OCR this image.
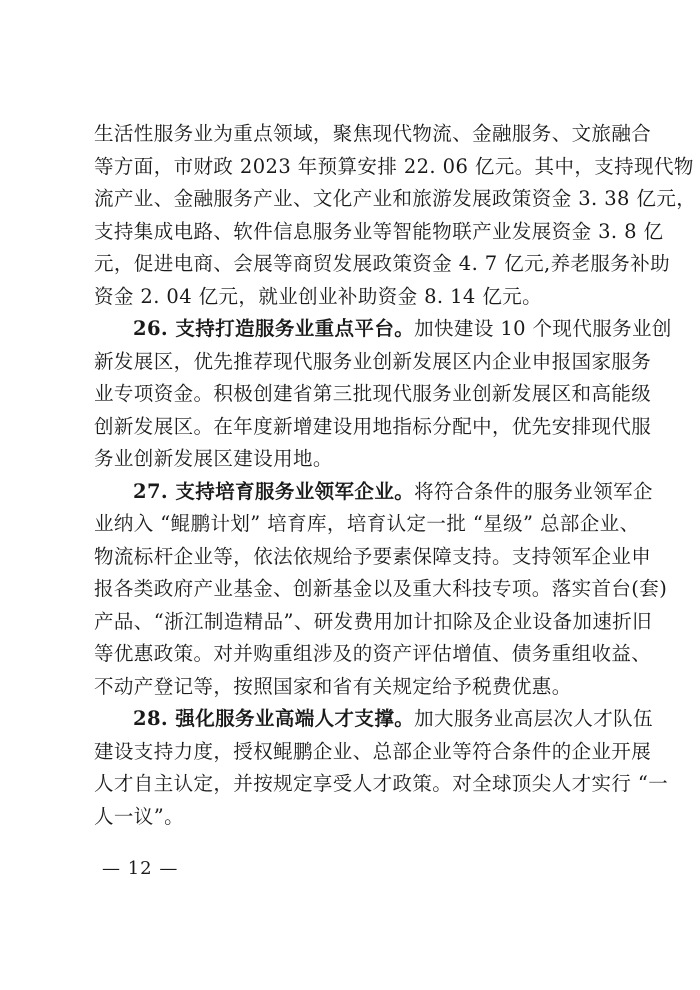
生活性服务业为重点领域，聚焦现代物流、金融服务、文旅融合
等方面，市财政 2023 年预算安排 22. 06 亿元。其中，支持现代物
流产业、金融服务产业、文化产业和旅游发展政策资金 3. 38 亿元，
支持集成电路、软件信息服务业等智能物联产业发展资金 3. 8 亿
元，促进电商、会展等商贸发展政策资金 4. 7 亿元,养老服务补助
资金 2. 04 亿元，就业创业补助资金 8. 14 亿元。
26. 支持打造服务业重点平台。加快建设 10 个现代服务业创
新发展区，优先推荐现代服务业创新发展区内企业申报国家服务
业专项资金。积极创建省第三批现代服务业创新发展区和高能级
创新发展区。在年度新增建设用地指标分配中，优先安排现代服
务业创新发展区建设用地。
27. 支持培育服务业领军企业。将符合条件的服务业领军企
业纳入 “鲲鹏计划” 培育库，培育认定一批 “星级” 总部企业、
物流标杆企业等，依法依规给予要素保障支持。支持领军企业申
报各类政府产业基金、创新基金以及重大科技专项。落实首台(套)
产品、“浙江制造精品”、研发费用加计扣除及企业设备加速折旧
等优惠政策。对并购重组涉及的资产评估增值、债务重组收益、
不动产登记等，按照国家和省有关规定给予税费优惠。
28. 强化服务业高端人才支撑。加大服务业高层次人才队伍
建设支持力度，授权鲲鹏企业、总部企业等符合条件的企业开展
人才自主认定，并按规定享受人才政策。对全球顶尖人才实行 “一
人一议”。
— 12 —
